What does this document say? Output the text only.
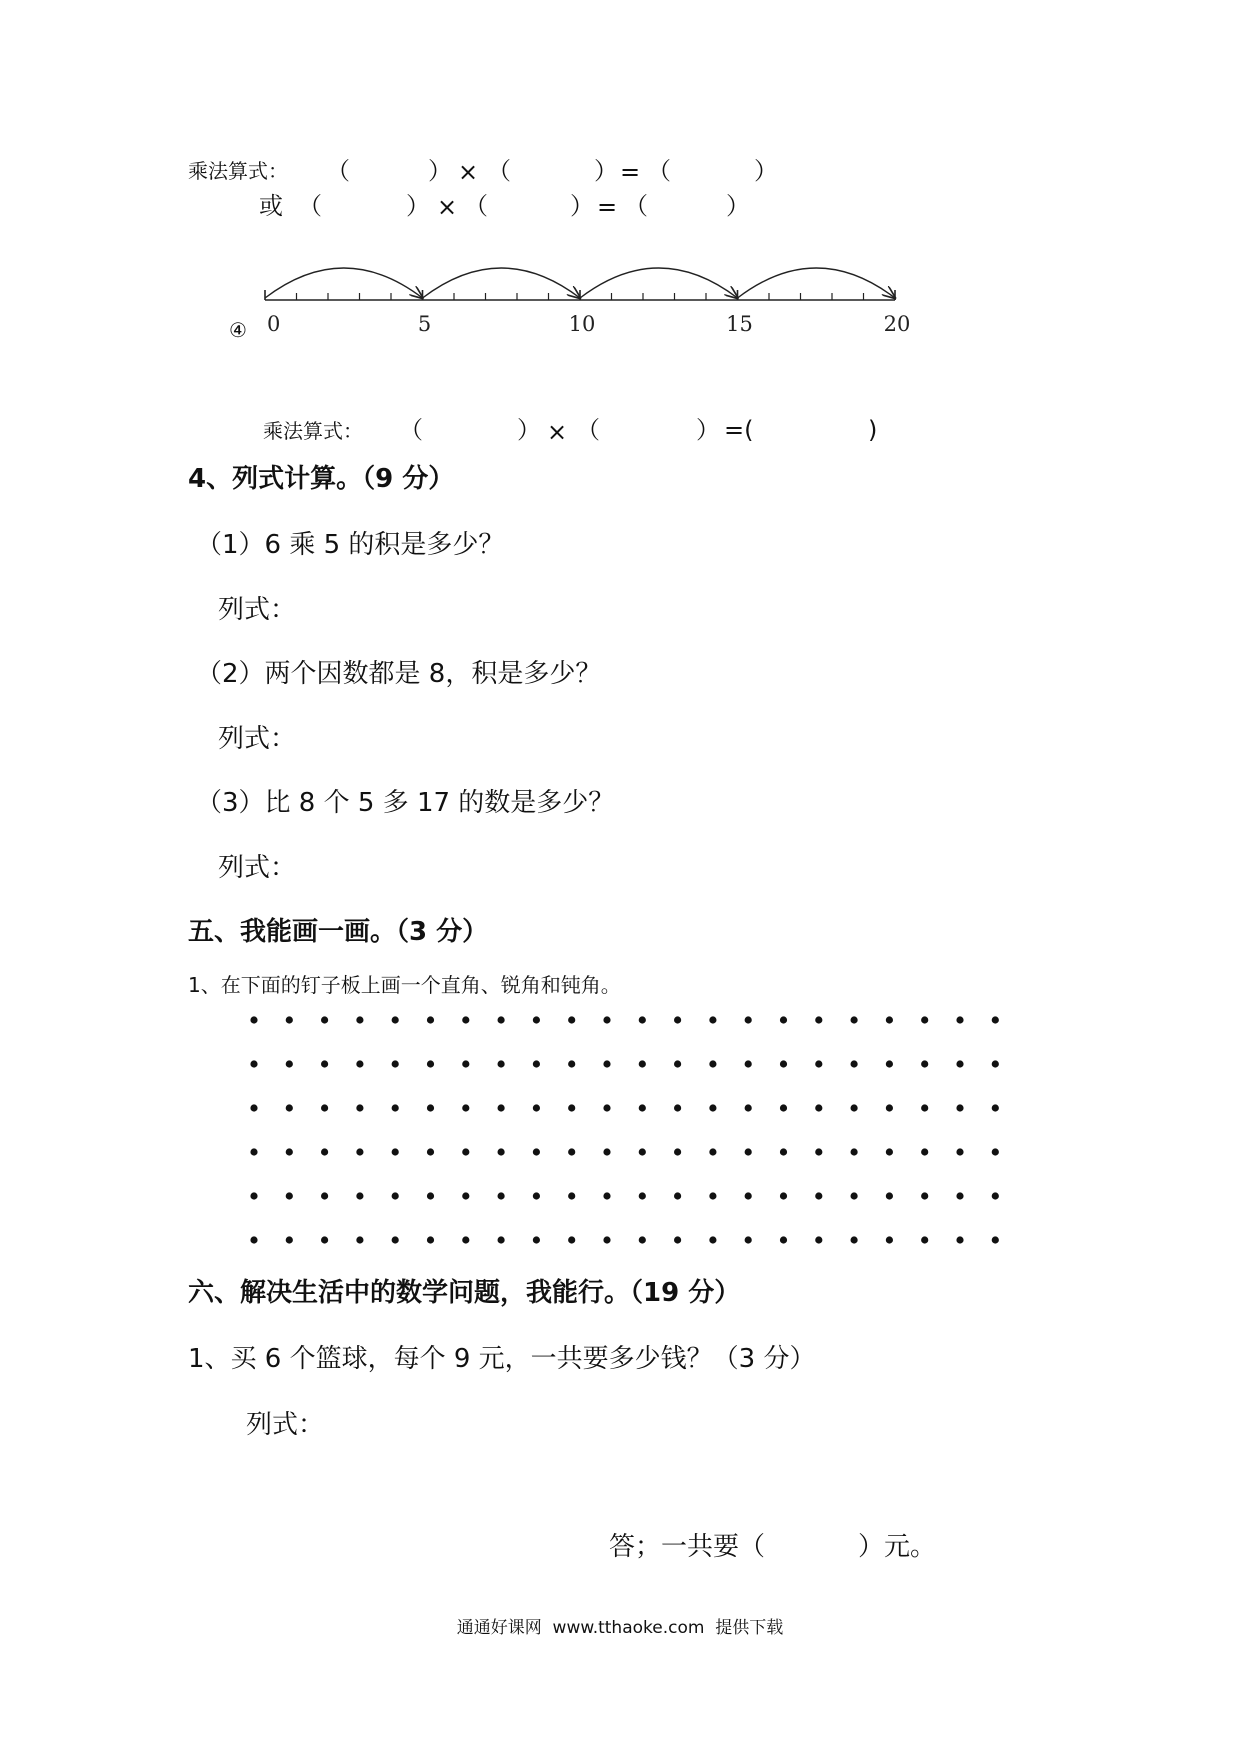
乘法算式： （	） × （	） = （	）
或 （	） × （	） = （	）
0	5	10	15	20
④
乘法算式： （	） × （	） =(	)
4、列式计算。（9 分）
（1）6 乘 5 的积是多少？
列式：
（2）两个因数都是 8，积是多少？
列式：
（3）比 8 个 5 多 17 的数是多少？
列式：
五、我能画一画。（3 分）
1、在下面的钉子板上画一个直角、锐角和钝角。
六、解决生活中的数学问题，我能行。（19 分）
1、买 6 个篮球，每个 9 元，一共要多少钱？（3 分）
列式：
答；一共要（	）元。
通通好课网  www.tthaoke.com  提供下载
